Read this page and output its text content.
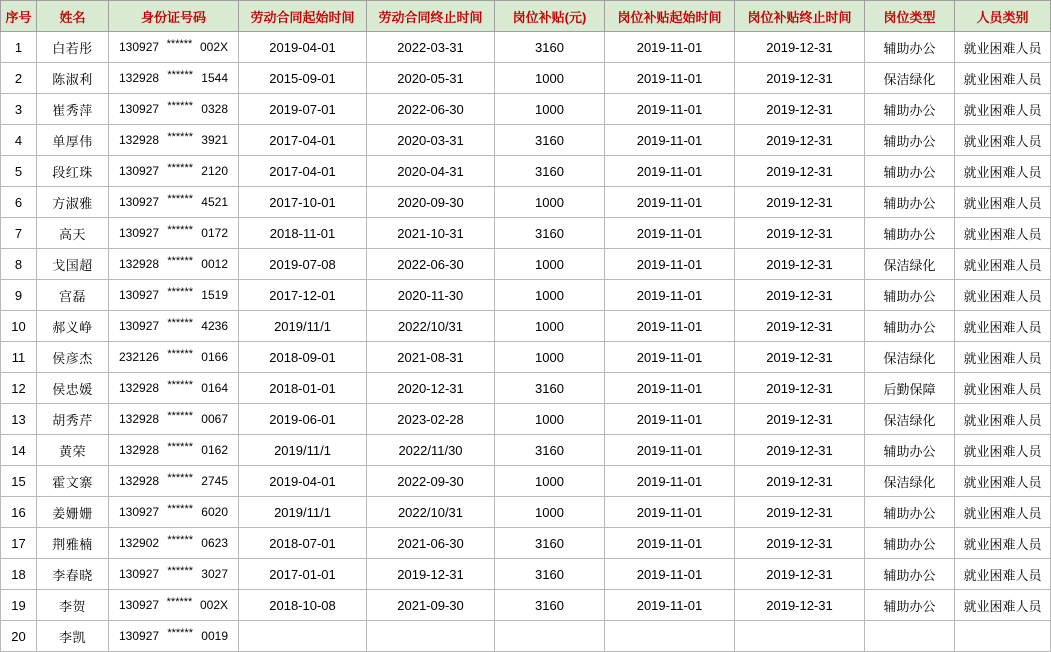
序号	姓名	身份证号码	劳动合同起始时间	劳动合同终止时间	岗位补贴(元)	岗位补贴起始时间	岗位补贴终止时间	岗位类型	人员类别
1	白若彤	130927 ****** 002X	2019-04-01	2022-03-31	3160	2019-11-01	2019-12-31	辅助办公	就业困难人员
2	陈淑利	132928 ****** 1544	2015-09-01	2020-05-31	1000	2019-11-01	2019-12-31	保洁绿化	就业困难人员
3	崔秀萍	130927 ****** 0328	2019-07-01	2022-06-30	1000	2019-11-01	2019-12-31	辅助办公	就业困难人员
4	单厚伟	132928 ****** 3921	2017-04-01	2020-03-31	3160	2019-11-01	2019-12-31	辅助办公	就业困难人员
5	段红珠	130927 ****** 2120	2017-04-01	2020-04-31	3160	2019-11-01	2019-12-31	辅助办公	就业困难人员
6	方淑雅	130927 ****** 4521	2017-10-01	2020-09-30	1000	2019-11-01	2019-12-31	辅助办公	就业困难人员
7	高天	130927 ****** 0172	2018-11-01	2021-10-31	3160	2019-11-01	2019-12-31	辅助办公	就业困难人员
8	戈国超	132928 ****** 0012	2019-07-08	2022-06-30	1000	2019-11-01	2019-12-31	保洁绿化	就业困难人员
9	宫磊	130927 ****** 1519	2017-12-01	2020-11-30	1000	2019-11-01	2019-12-31	辅助办公	就业困难人员
10	郝义峥	130927 ****** 4236	2019/11/1	2022/10/31	1000	2019-11-01	2019-12-31	辅助办公	就业困难人员
11	侯彦杰	232126 ****** 0166	2018-09-01	2021-08-31	1000	2019-11-01	2019-12-31	保洁绿化	就业困难人员
12	侯忠媛	132928 ****** 0164	2018-01-01	2020-12-31	3160	2019-11-01	2019-12-31	后勤保障	就业困难人员
13	胡秀芹	132928 ****** 0067	2019-06-01	2023-02-28	1000	2019-11-01	2019-12-31	保洁绿化	就业困难人员
14	黄荣	132928 ****** 0162	2019/11/1	2022/11/30	3160	2019-11-01	2019-12-31	辅助办公	就业困难人员
15	霍文寨	132928 ****** 2745	2019-04-01	2022-09-30	1000	2019-11-01	2019-12-31	保洁绿化	就业困难人员
16	姜姗姗	130927 ****** 6020	2019/11/1	2022/10/31	1000	2019-11-01	2019-12-31	辅助办公	就业困难人员
17	荆雅楠	132902 ****** 0623	2018-07-01	2021-06-30	3160	2019-11-01	2019-12-31	辅助办公	就业困难人员
18	李春晓	130927 ****** 3027	2017-01-01	2019-12-31	3160	2019-11-01	2019-12-31	辅助办公	就业困难人员
19	李贺	130927 ****** 002X	2018-10-08	2021-09-30	3160	2019-11-01	2019-12-31	辅助办公	就业困难人员
20	李凯	130927 ****** 0019							
